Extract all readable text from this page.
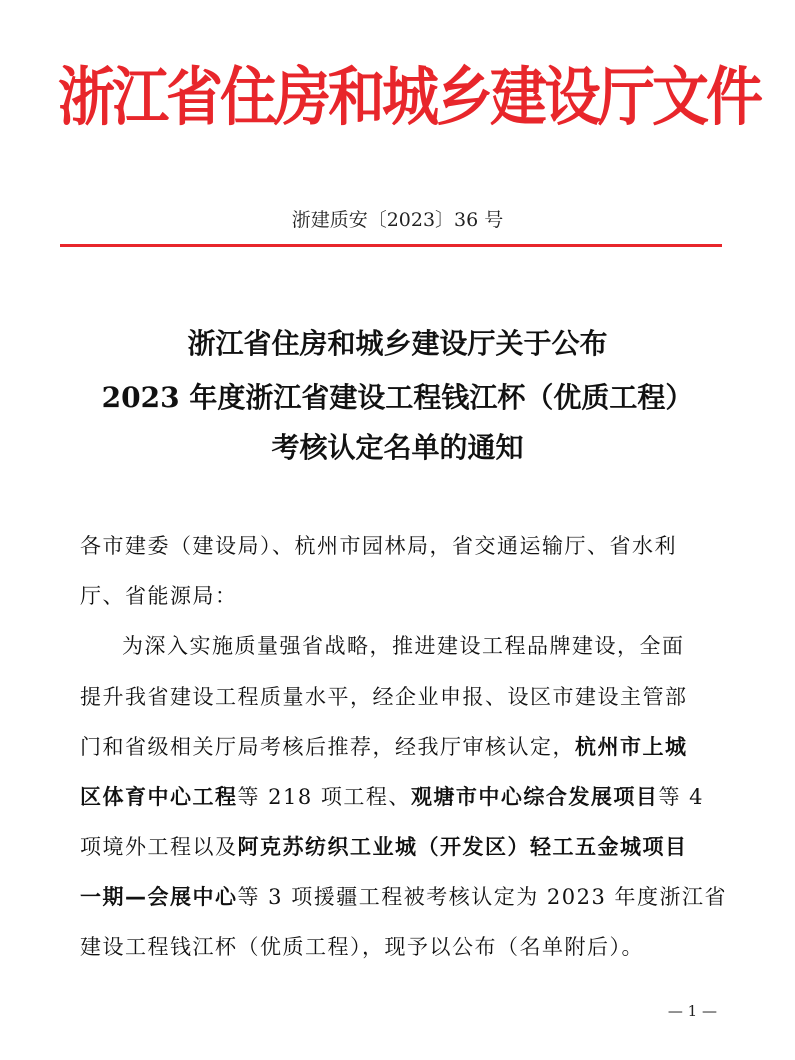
浙江省住房和城乡建设厅文件
浙建质安〔2023〕36 号
浙江省住房和城乡建设厅关于公布
2023 年度浙江省建设工程钱江杯（优质工程）
考核认定名单的通知
各市建委（建设局）、杭州市园林局，省交通运输厅、省水利
厅、省能源局：
为深入实施质量强省战略，推进建设工程品牌建设，全面
提升我省建设工程质量水平，经企业申报、设区市建设主管部
门和省级相关厅局考核后推荐，经我厅审核认定，杭州市上城
区体育中心工程等 218 项工程、观塘市中心综合发展项目等 4
项境外工程以及阿克苏纺织工业城（开发区）轻工五金城项目
一期—会展中心等 3 项援疆工程被考核认定为 2023 年度浙江省
建设工程钱江杯（优质工程），现予以公布（名单附后）。
— 1 —
